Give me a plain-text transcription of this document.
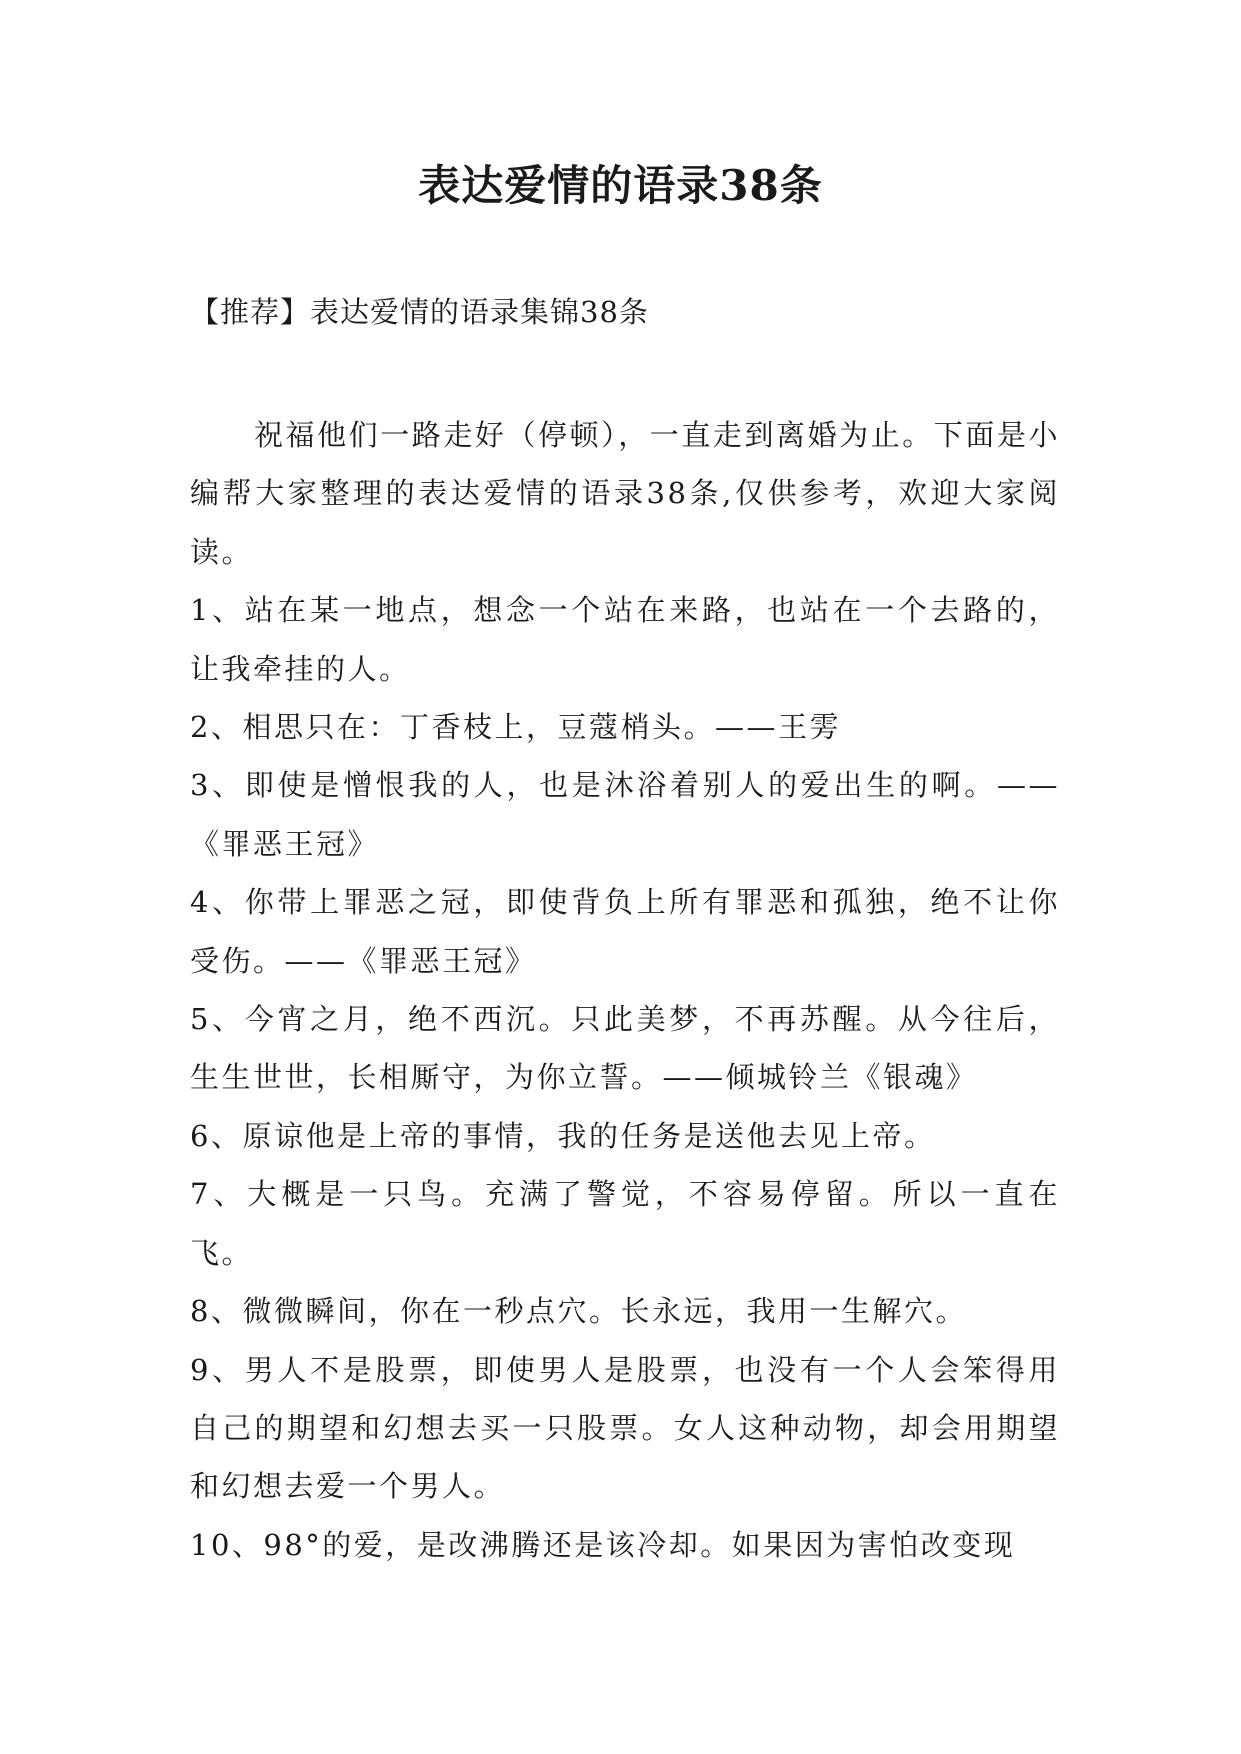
表达爱情的语录38条

【推荐】表达爱情的语录集锦38条

祝福他们一路走好（停顿），一直走到离婚为止。下面是小编帮大家整理的表达爱情的语录38条,仅供参考，欢迎大家阅读。

1、站在某一地点，想念一个站在来路，也站在一个去路的，让我牵挂的人。

2、相思只在：丁香枝上，豆蔻梢头。——王雱

3、即使是憎恨我的人，也是沐浴着别人的爱出生的啊。——《罪恶王冠》

4、你带上罪恶之冠，即使背负上所有罪恶和孤独，绝不让你受伤。——《罪恶王冠》

5、今宵之月，绝不西沉。只此美梦，不再苏醒。从今往后，生生世世，长相厮守，为你立誓。——倾城铃兰《银魂》

6、原谅他是上帝的事情，我的任务是送他去见上帝。

7、大概是一只鸟。充满了警觉，不容易停留。所以一直在飞。

8、微微瞬间，你在一秒点穴。长永远，我用一生解穴。

9、男人不是股票，即使男人是股票，也没有一个人会笨得用自己的期望和幻想去买一只股票。女人这种动物，却会用期望和幻想去爱一个男人。

10、98°的爱，是改沸腾还是该冷却。如果因为害怕改变现
